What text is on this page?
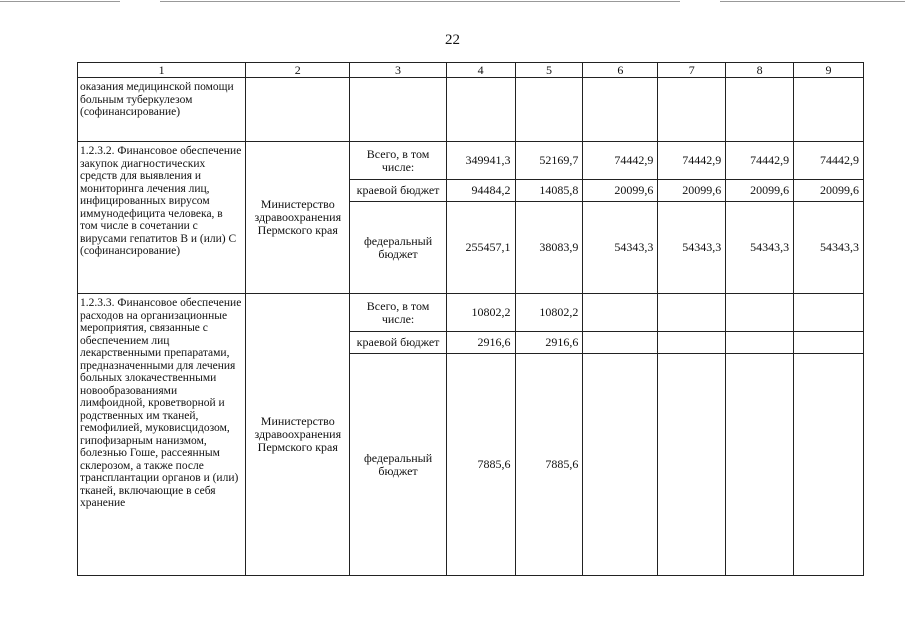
22
1	2	3	4	5	6	7	8	9
оказания медицинской помощи больным туберкулезом (софинансирование)								
1.2.3.2. Финансовое обеспечение закупок диагностических средств для выявления и мониторинга лечения лиц, инфицированных вирусом иммунодефицита человека, в том числе в сочетании с вирусами гепатитов B и (или) C (софинансирование)	Министерство здравоохранения Пермского края	Всего, в том числе:	349941,3	52169,7	74442,9	74442,9	74442,9	74442,9
		краевой бюджет	94484,2	14085,8	20099,6	20099,6	20099,6	20099,6
		федеральный бюджет	255457,1	38083,9	54343,3	54343,3	54343,3	54343,3
1.2.3.3. Финансовое обеспечение расходов на организационные мероприятия, связанные с обеспечением лиц лекарственными препаратами, предназначенными для лечения больных злокачественными новообразованиями лимфоидной, кроветворной и родственных им тканей, гемофилией, муковисцидозом, гипофизарным нанизмом, болезнью Гоше, рассеянным склерозом, а также после трансплантации органов и (или) тканей, включающие в себя хранение	Министерство здравоохранения Пермского края	Всего, в том числе:	10802,2	10802,2				
		краевой бюджет	2916,6	2916,6				
		федеральный бюджет	7885,6	7885,6				
